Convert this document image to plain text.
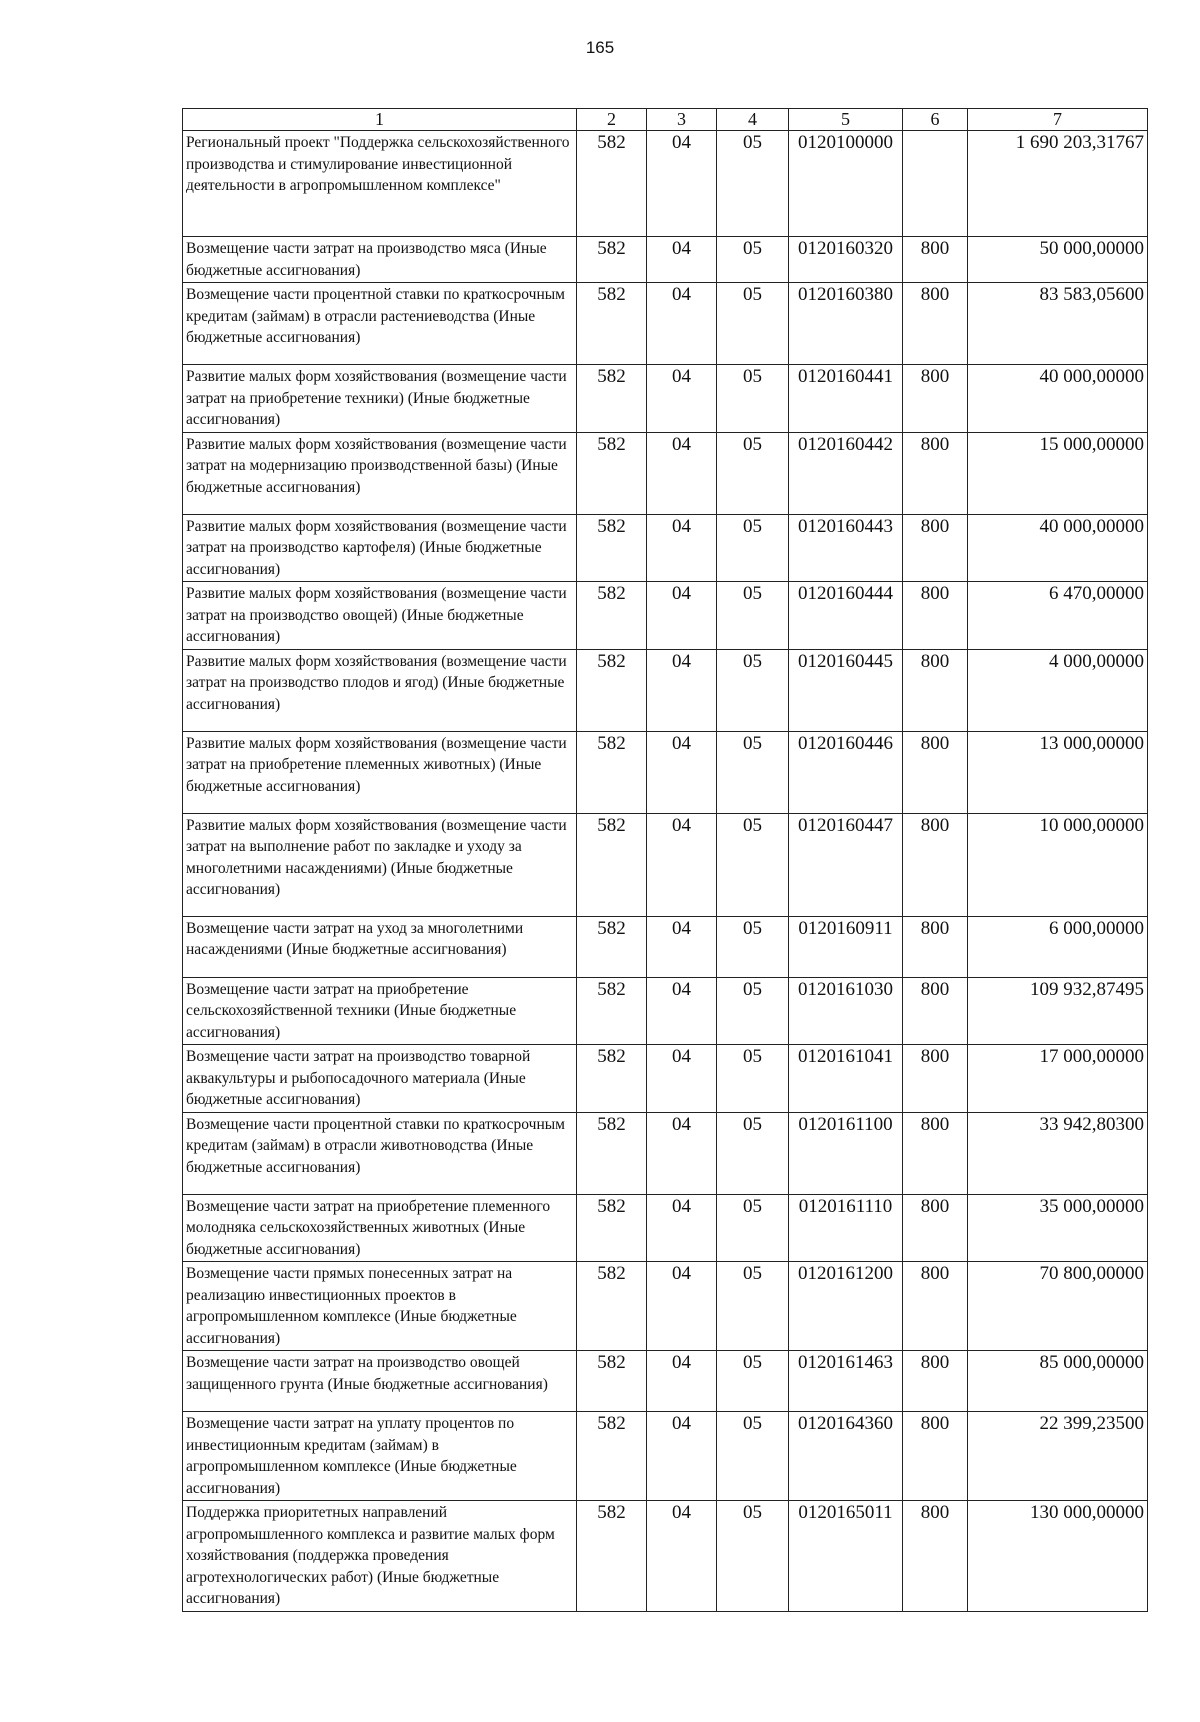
165
1	2	3	4	5	6	7
Региональный проект "Поддержка сельскохозяйственного производства и стимулирование инвестиционной деятельности в агропромышленном комплексе"	582	04	05	0120100000		1 690 203,31767
Возмещение части затрат на производство мяса (Иные бюджетные ассигнования)	582	04	05	0120160320	800	50 000,00000
Возмещение части процентной ставки по краткосрочным кредитам (займам) в отрасли растениеводства (Иные бюджетные ассигнования)	582	04	05	0120160380	800	83 583,05600
Развитие малых форм хозяйствования (возмещение части затрат на приобретение техники) (Иные бюджетные ассигнования)	582	04	05	0120160441	800	40 000,00000
Развитие малых форм хозяйствования (возмещение части затрат на модернизацию производственной базы) (Иные бюджетные ассигнования)	582	04	05	0120160442	800	15 000,00000
Развитие малых форм хозяйствования (возмещение части затрат на производство картофеля) (Иные бюджетные ассигнования)	582	04	05	0120160443	800	40 000,00000
Развитие малых форм хозяйствования (возмещение части затрат на производство овощей) (Иные бюджетные ассигнования)	582	04	05	0120160444	800	6 470,00000
Развитие малых форм хозяйствования (возмещение части затрат на производство плодов и ягод) (Иные бюджетные ассигнования)	582	04	05	0120160445	800	4 000,00000
Развитие малых форм хозяйствования (возмещение части затрат на приобретение племенных животных) (Иные бюджетные ассигнования)	582	04	05	0120160446	800	13 000,00000
Развитие малых форм хозяйствования (возмещение части затрат на выполнение работ по закладке и уходу за многолетними насаждениями) (Иные бюджетные ассигнования)	582	04	05	0120160447	800	10 000,00000
Возмещение части затрат на уход за многолетними насаждениями (Иные бюджетные ассигнования)	582	04	05	0120160911	800	6 000,00000
Возмещение части затрат на приобретение сельскохозяйственной техники (Иные бюджетные ассигнования)	582	04	05	0120161030	800	109 932,87495
Возмещение части затрат на производство товарной аквакультуры и рыбопосадочного материала (Иные бюджетные ассигнования)	582	04	05	0120161041	800	17 000,00000
Возмещение части процентной ставки по краткосрочным кредитам (займам) в отрасли животноводства (Иные бюджетные ассигнования)	582	04	05	0120161100	800	33 942,80300
Возмещение части затрат на приобретение племенного молодняка сельскохозяйственных животных (Иные бюджетные ассигнования)	582	04	05	0120161110	800	35 000,00000
Возмещение части прямых понесенных затрат на реализацию инвестиционных проектов в агропромышленном комплексе (Иные бюджетные ассигнования)	582	04	05	0120161200	800	70 800,00000
Возмещение части затрат на производство овощей защищенного грунта (Иные бюджетные ассигнования)	582	04	05	0120161463	800	85 000,00000
Возмещение части затрат на уплату процентов по инвестиционным кредитам (займам) в агропромышленном комплексе (Иные бюджетные ассигнования)	582	04	05	0120164360	800	22 399,23500
Поддержка приоритетных направлений агропромышленного комплекса и развитие малых форм хозяйствования (поддержка проведения агротехнологических работ) (Иные бюджетные ассигнования)	582	04	05	0120165011	800	130 000,00000
